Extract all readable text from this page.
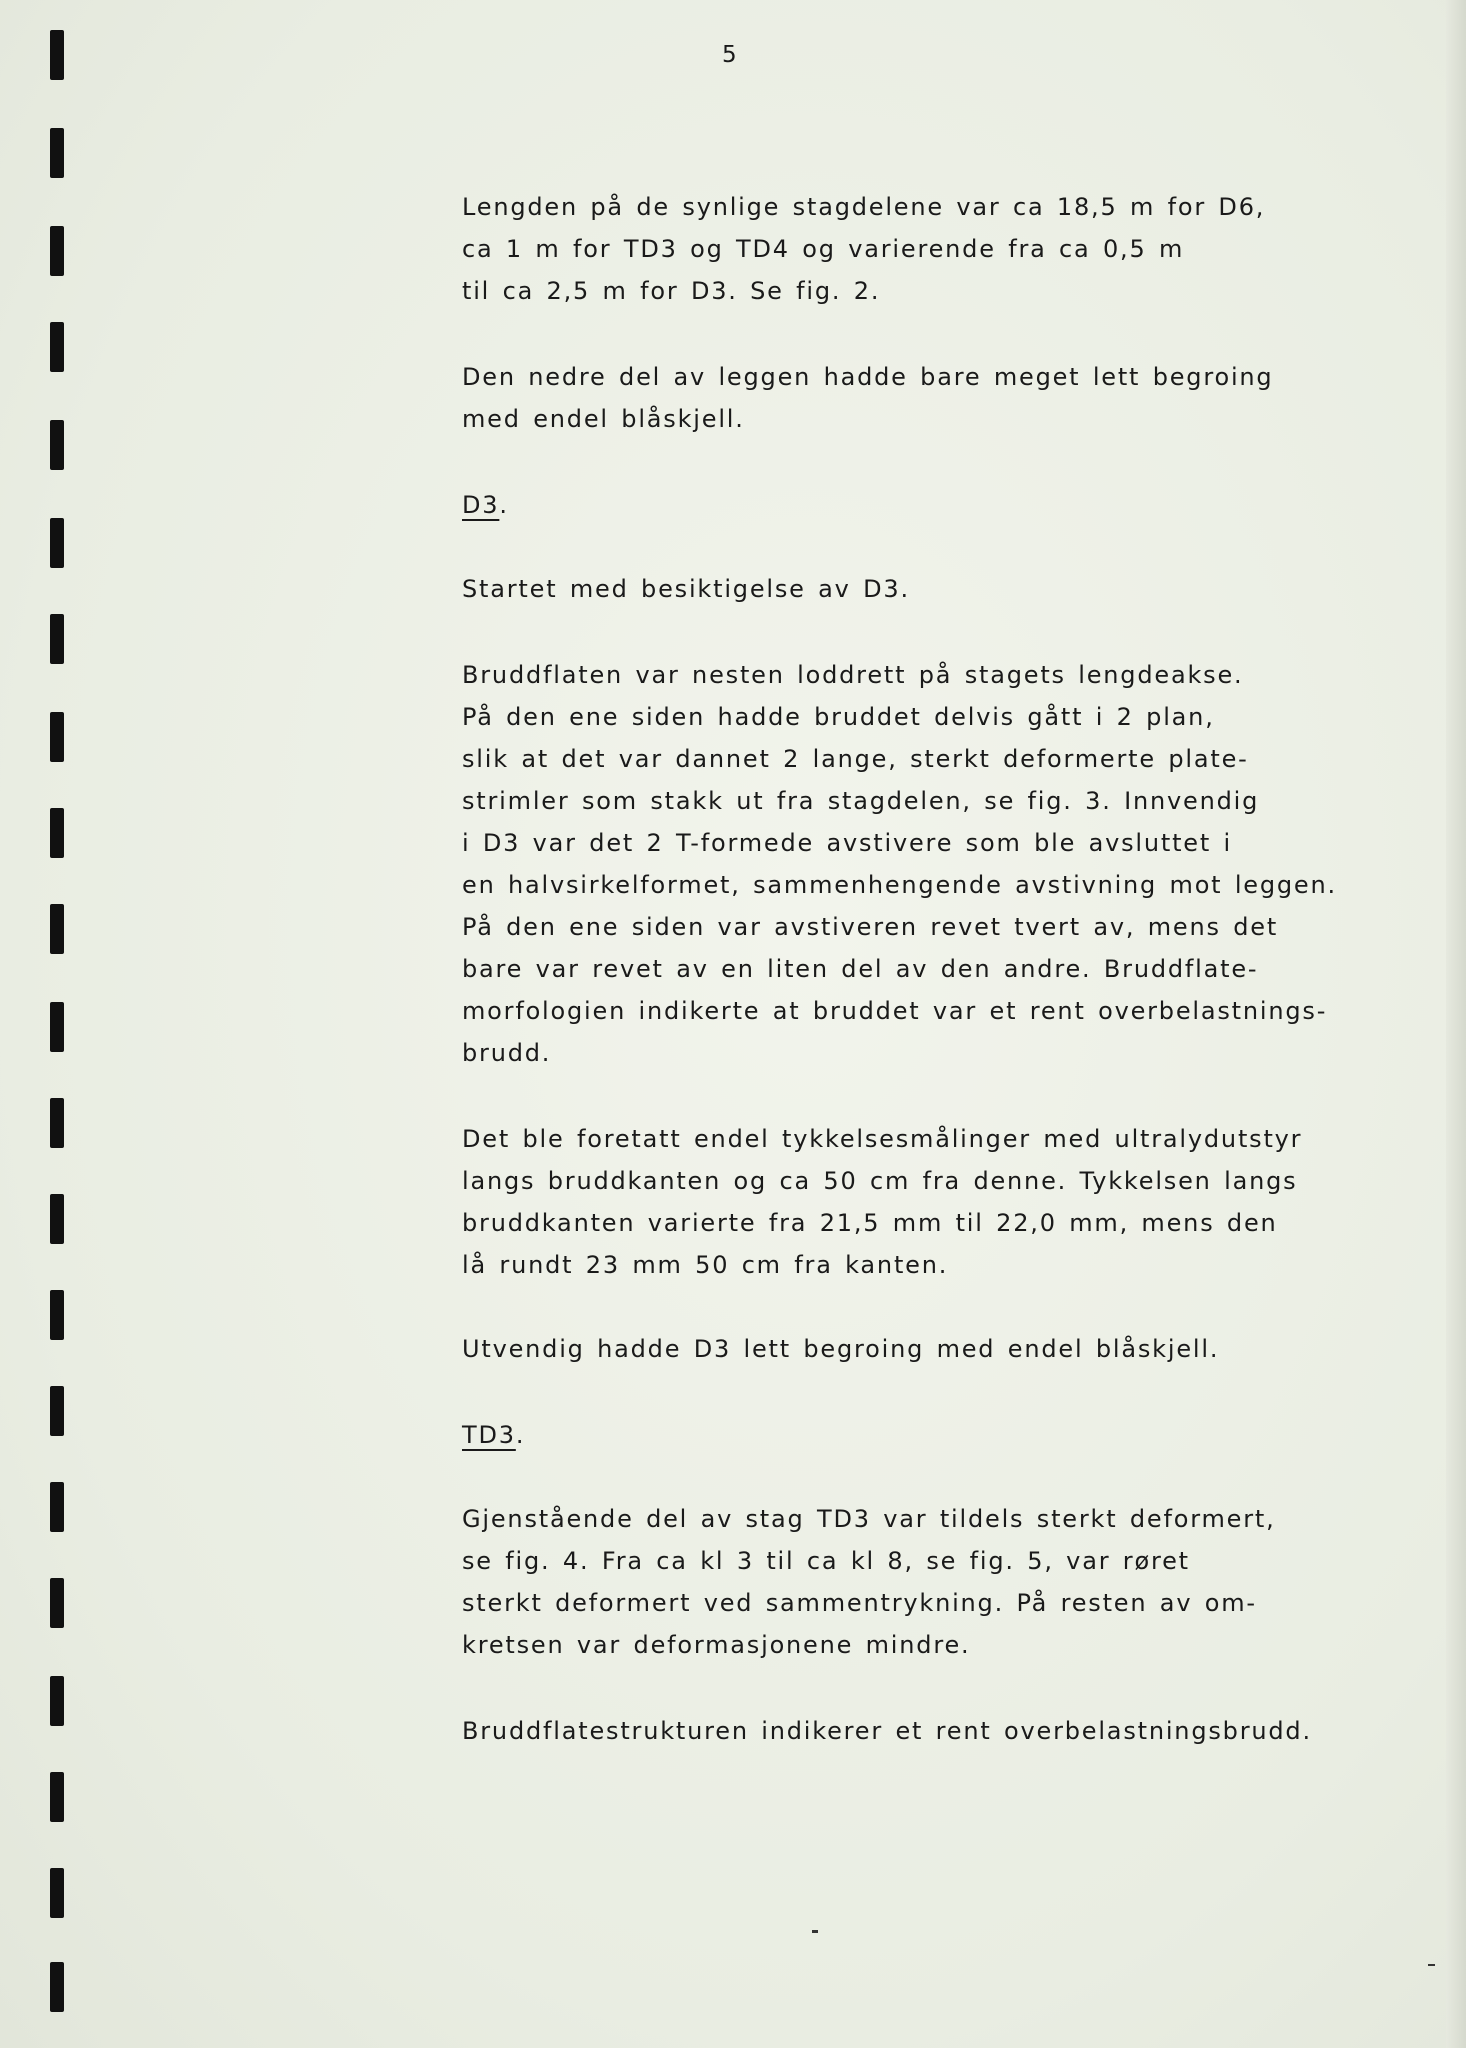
5
Lengden på de synlige stagdelene var ca 18,5 m for D6,
ca 1 m for TD3 og TD4 og varierende fra ca 0,5 m
til ca 2,5 m for D3. Se fig. 2.
Den nedre del av leggen hadde bare meget lett begroing
med endel blåskjell.
D3.
Startet med besiktigelse av D3.
Bruddflaten var nesten loddrett på stagets lengdeakse.
På den ene siden hadde bruddet delvis gått i 2 plan,
slik at det var dannet 2 lange, sterkt deformerte plate-
strimler som stakk ut fra stagdelen, se fig. 3. Innvendig
i D3 var det 2 T-formede avstivere som ble avsluttet i
en halvsirkelformet, sammenhengende avstivning mot leggen.
På den ene siden var avstiveren revet tvert av, mens det
bare var revet av en liten del av den andre. Bruddflate-
morfologien indikerte at bruddet var et rent overbelastnings-
brudd.
Det ble foretatt endel tykkelsesmålinger med ultralydutstyr
langs bruddkanten og ca 50 cm fra denne. Tykkelsen langs
bruddkanten varierte fra 21,5 mm til 22,0 mm, mens den
lå rundt 23 mm 50 cm fra kanten.
Utvendig hadde D3 lett begroing med endel blåskjell.
TD3.
Gjenstående del av stag TD3 var tildels sterkt deformert,
se fig. 4. Fra ca kl 3 til ca kl 8, se fig. 5, var røret
sterkt deformert ved sammentrykning. På resten av om-
kretsen var deformasjonene mindre.
Bruddflatestrukturen indikerer et rent overbelastningsbrudd.
